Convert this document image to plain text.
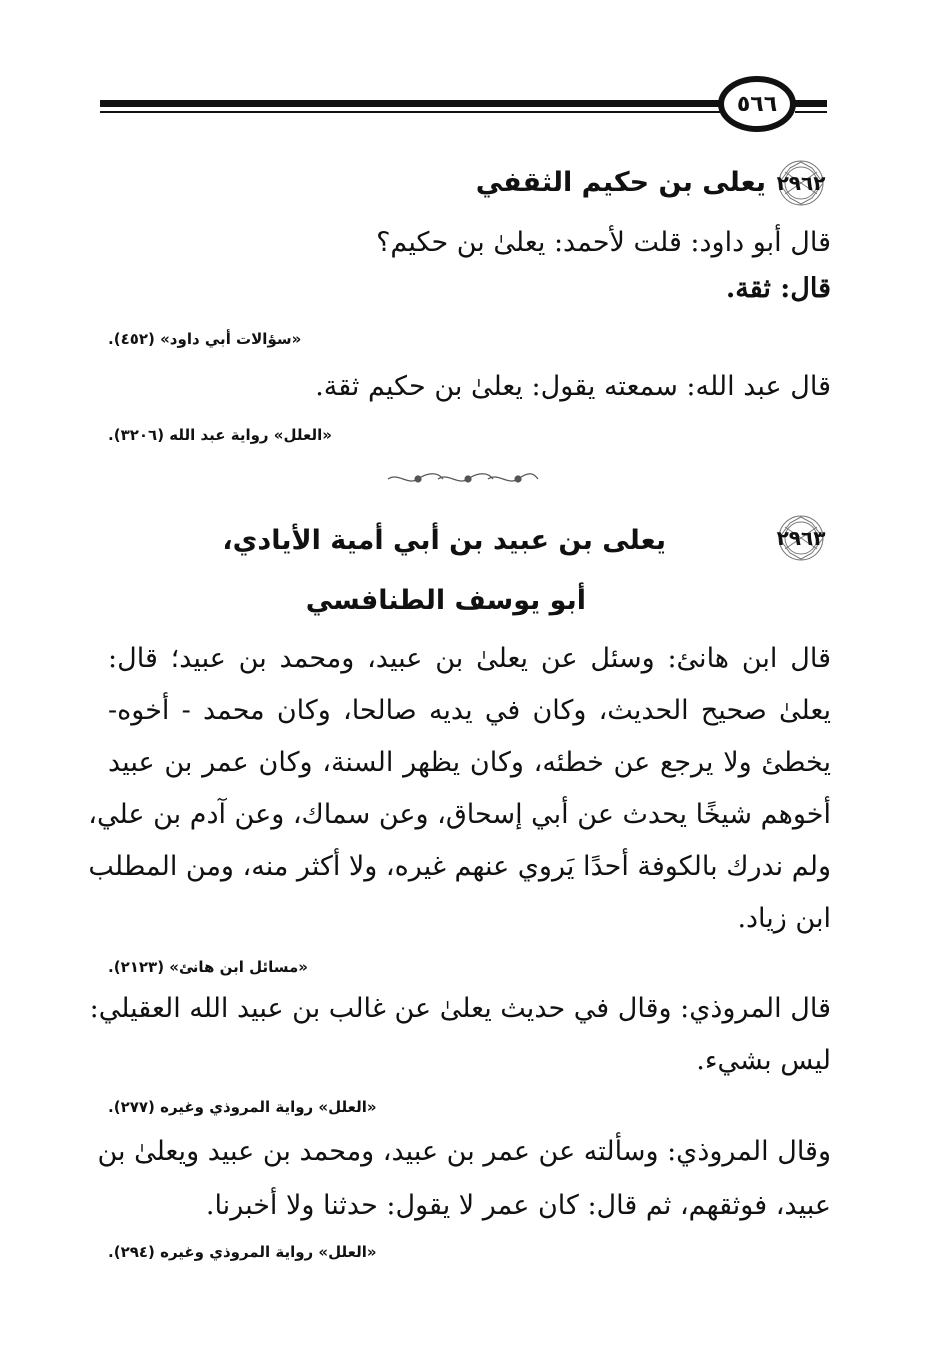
٥٦٦
٢٩٦٢
يعلى بن حكيم الثقفي
قال أبو داود: قلت لأحمد: يعلىٰ بن حكيم؟
قال: ثقة.
«سؤالات أبي داود» (٤٥٢).
قال عبد الله: سمعته يقول: يعلىٰ بن حكيم ثقة.
«العلل» رواية عبد الله (٣٢٠٦).
٢٩٦٣
يعلى بن عبيد بن أبي أمية الأيادي،
أبو يوسف الطنافسي
قال ابن هانئ: وسئل عن يعلىٰ بن عبيد، ومحمد بن عبيد؛ قال:
يعلىٰ صحيح الحديث، وكان في يديه صالحا، وكان محمد - أخوه-
يخطئ ولا يرجع عن خطئه، وكان يظهر السنة، وكان عمر بن عبيد
أخوهم شيخًا يحدث عن أبي إسحاق، وعن سماك، وعن آدم بن علي،
ولم ندرك بالكوفة أحدًا يَروي عنهم غيره، ولا أكثر منه، ومن المطلب
ابن زياد.
«مسائل ابن هانئ» (٢١٢٣).
قال المروذي: وقال في حديث يعلىٰ عن غالب بن عبيد الله العقيلي:
ليس بشيء.
«العلل» رواية المروذي وغيره (٢٧٧).
وقال المروذي: وسألته عن عمر بن عبيد، ومحمد بن عبيد ويعلىٰ بن
عبيد، فوثقهم، ثم قال: كان عمر لا يقول: حدثنا ولا أخبرنا.
«العلل» رواية المروذي وغيره (٢٩٤).
